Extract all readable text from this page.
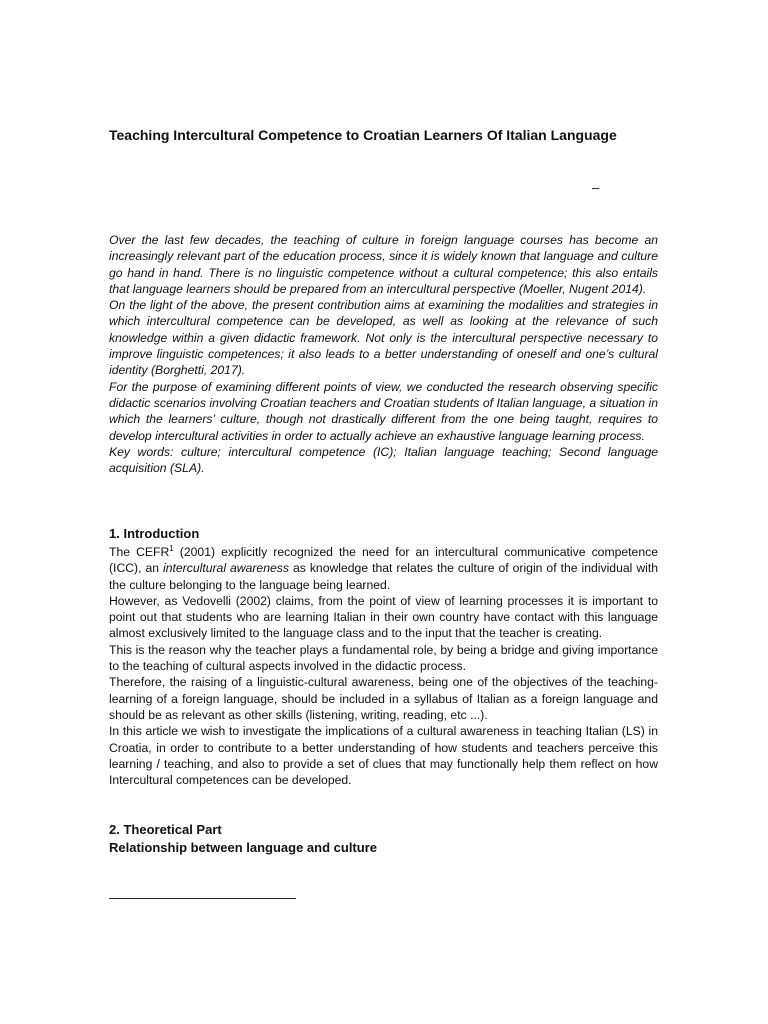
Teaching Intercultural Competence to Croatian Learners Of Italian Language
–

Over the last few decades, the teaching of culture in foreign language courses has become an increasingly relevant part of the education process, since it is widely known that language and culture go hand in hand. There is no linguistic competence without a cultural competence; this also entails that language learners should be prepared from an intercultural perspective (Moeller, Nugent 2014).

On the light of the above, the present contribution aims at examining the modalities and strategies in which intercultural competence can be developed, as well as looking at the relevance of such knowledge within a given didactic framework. Not only is the intercultural perspective necessary to improve linguistic competences; it also leads to a better understanding of oneself and one’s cultural identity (Borghetti, 2017).

For the purpose of examining different points of view, we conducted the research observing specific didactic scenarios involving Croatian teachers and Croatian students of Italian language, a situation in which the learners’ culture, though not drastically different from the one being taught, requires to develop intercultural activities in order to actually achieve an exhaustive language learning process.

Key words: culture; intercultural competence (IC); Italian language teaching; Second language acquisition (SLA).

1. Introduction

The CEFR$^1$ (2001) explicitly recognized the need for an intercultural communicative competence (ICC), an intercultural awareness as knowledge that relates the culture of origin of the individual with the culture belonging to the language being learned.

However, as Vedovelli (2002) claims, from the point of view of learning processes it is important to point out that students who are learning Italian in their own country have contact with this language almost exclusively limited to the language class and to the input that the teacher is creating.

This is the reason why the teacher plays a fundamental role, by being a bridge and giving importance to the teaching of cultural aspects involved in the didactic process.

Therefore, the raising of a linguistic-cultural awareness, being one of the objectives of the teaching-learning of a foreign language, should be included in a syllabus of Italian as a foreign language and should be as relevant as other skills (listening, writing, reading, etc ...).

In this article we wish to investigate the implications of a cultural awareness in teaching Italian (LS) in Croatia, in order to contribute to a better understanding of how students and teachers perceive this learning / teaching, and also to provide a set of clues that may functionally help them reflect on how Intercultural competences can be developed.

2. Theoretical Part
Relationship between language and culture
